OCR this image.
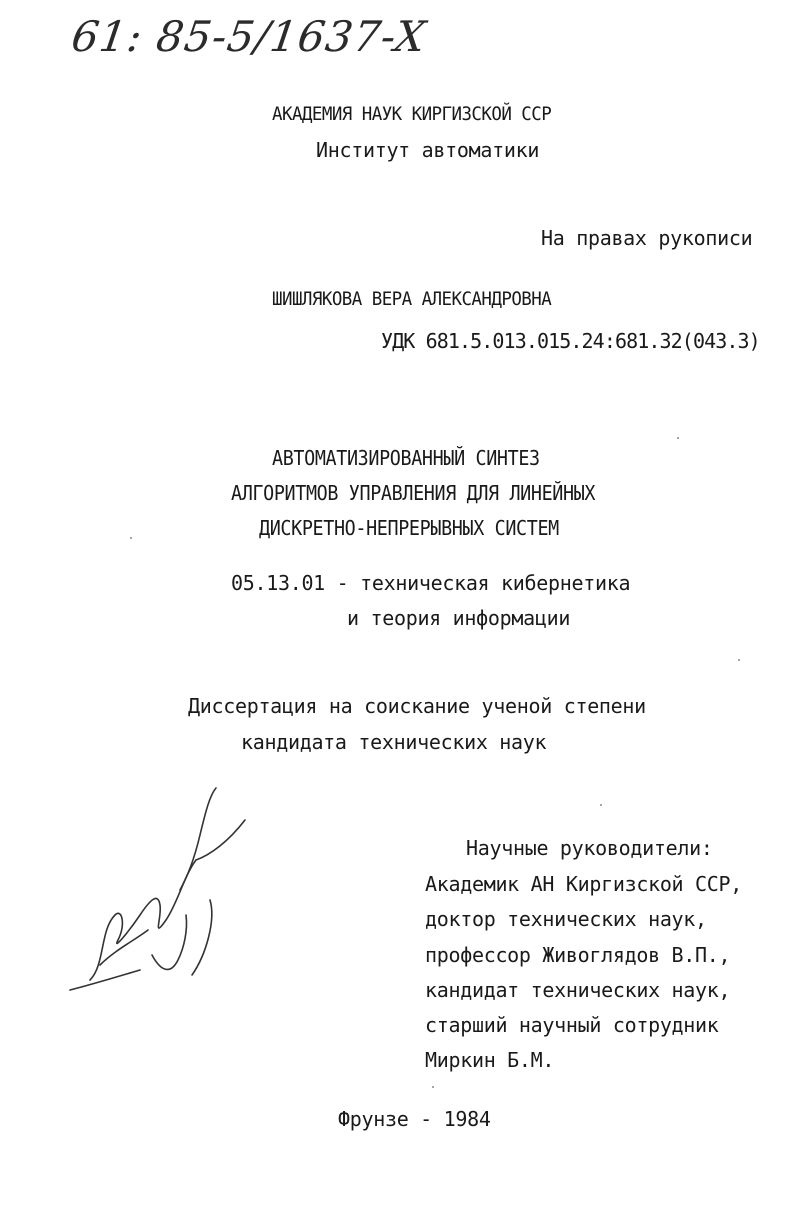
61: 85-5/1637-X
АКАДЕМИЯ НАУК КИРГИЗСКОЙ ССР
Институт автоматики
На правах рукописи
ШИШЛЯКОВА ВЕРА АЛЕКСАНДРОВНА
УДК 681.5.013.015.24:681.32(043.3)
АВТОМАТИЗИРОВАННЫЙ СИНТЕЗ
АЛГОРИТМОВ УПРАВЛЕНИЯ ДЛЯ ЛИНЕЙНЫХ
ДИСКРЕТНО-НЕПРЕРЫВНЫХ СИСТЕМ
05.13.01 - техническая кибернетика
и теория информации
Диссертация на соискание ученой степени
кандидата технических наук
Научные руководители:
Академик АН Киргизской ССР,
доктор технических наук,
профессор Живоглядов В.П.,
кандидат технических наук,
старший научный сотрудник
Миркин Б.М.
Фрунзе - 1984
